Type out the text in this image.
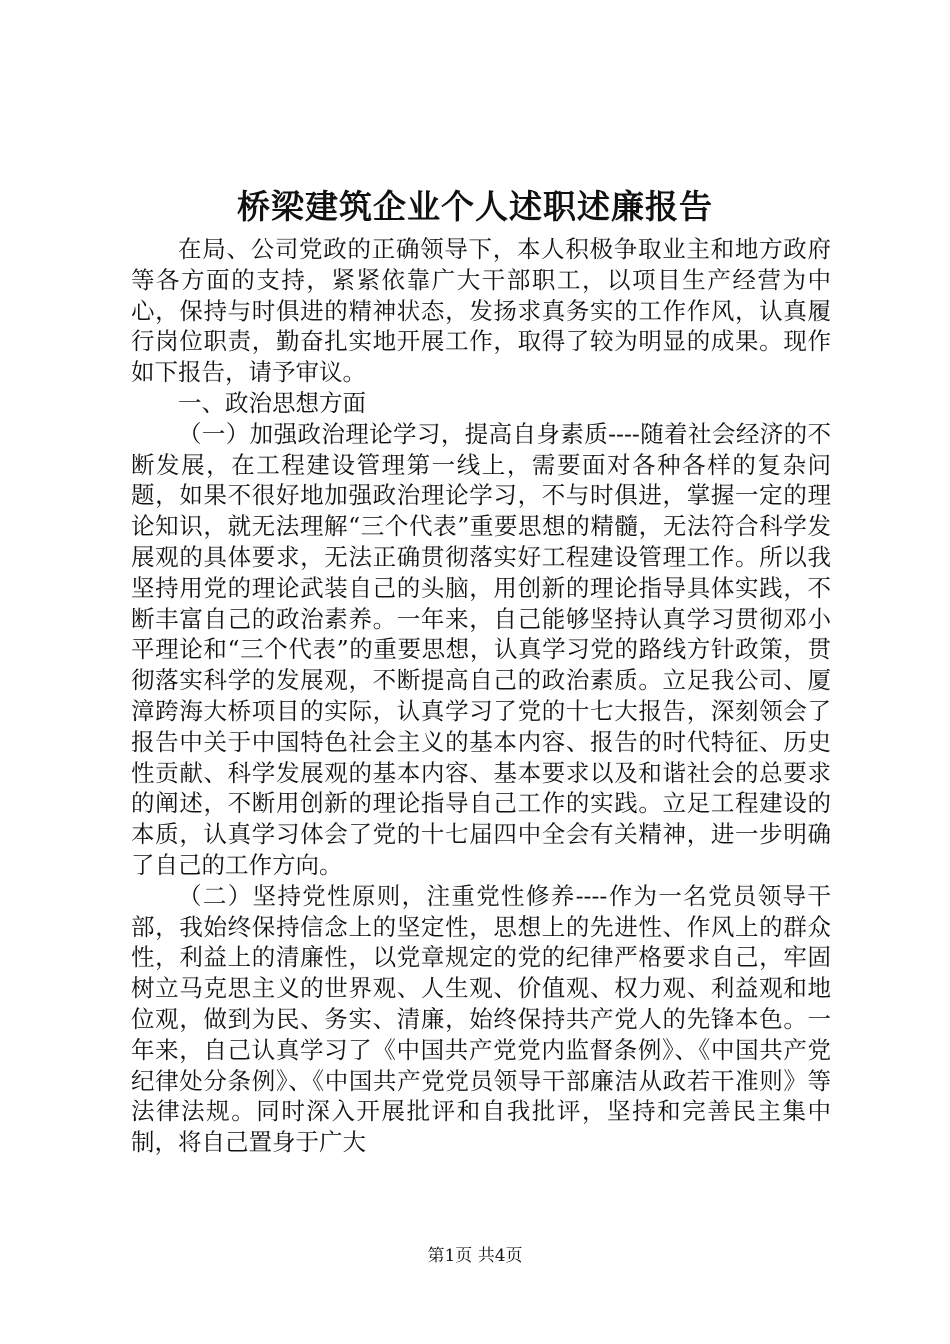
桥梁建筑企业个人述职述廉报告

在局、公司党政的正确领导下，本人积极争取业主和地方政府等各方面的支持，紧紧依靠广大干部职工，以项目生产经营为中心，保持与时俱进的精神状态，发扬求真务实的工作作风，认真履行岗位职责，勤奋扎实地开展工作，取得了较为明显的成果。现作如下报告，请予审议。

一、政治思想方面

（一）加强政治理论学习，提高自身素质----随着社会经济的不断发展，在工程建设管理第一线上，需要面对各种各样的复杂问题，如果不很好地加强政治理论学习，不与时俱进，掌握一定的理论知识，就无法理解“三个代表”重要思想的精髓，无法符合科学发展观的具体要求，无法正确贯彻落实好工程建设管理工作。所以我坚持用党的理论武装自己的头脑，用创新的理论指导具体实践，不断丰富自己的政治素养。一年来，自己能够坚持认真学习贯彻邓小平理论和“三个代表”的重要思想，认真学习党的路线方针政策，贯彻落实科学的发展观，不断提高自己的政治素质。立足我公司、厦漳跨海大桥项目的实际，认真学习了党的十七大报告，深刻领会了报告中关于中国特色社会主义的基本内容、报告的时代特征、历史性贡献、科学发展观的基本内容、基本要求以及和谐社会的总要求的阐述，不断用创新的理论指导自己工作的实践。立足工程建设的本质，认真学习体会了党的十七届四中全会有关精神，进一步明确了自己的工作方向。

（二）坚持党性原则，注重党性修养----作为一名党员领导干部，我始终保持信念上的坚定性，思想上的先进性、作风上的群众性，利益上的清廉性，以党章规定的党的纪律严格要求自己，牢固树立马克思主义的世界观、人生观、价值观、权力观、利益观和地位观，做到为民、务实、清廉，始终保持共产党人的先锋本色。一年来，自己认真学习了《中国共产党党内监督条例》、《中国共产党纪律处分条例》、《中国共产党党员领导干部廉洁从政若干准则》等法律法规。同时深入开展批评和自我批评，坚持和完善民主集中制，将自己置身于广大

第1页 共4页
